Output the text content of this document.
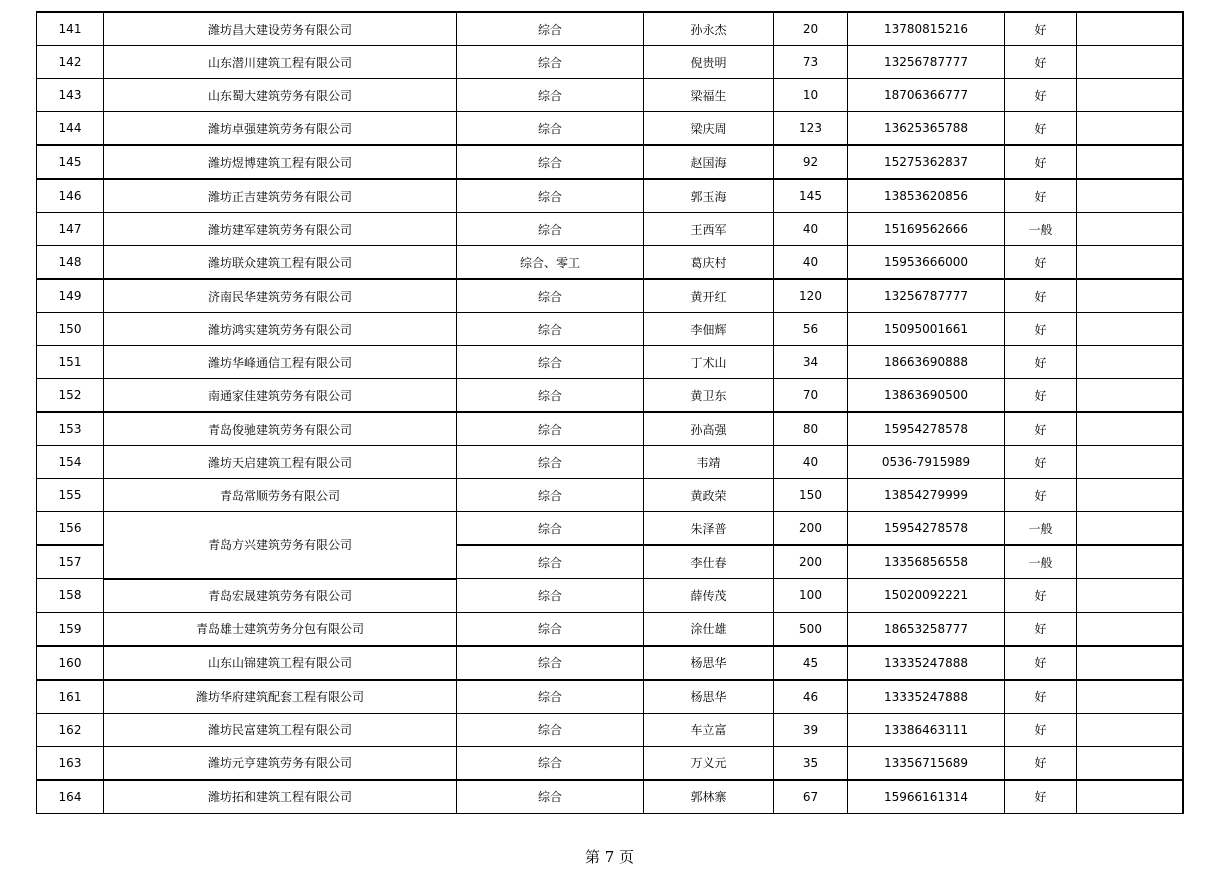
141	潍坊昌大建设劳务有限公司	综合	孙永杰	20	13780815216	好	
142	山东潜川建筑工程有限公司	综合	倪贵明	73	13256787777	好	
143	山东蜀大建筑劳务有限公司	综合	梁福生	10	18706366777	好	
144	潍坊卓强建筑劳务有限公司	综合	梁庆周	123	13625365788	好	
145	潍坊煜博建筑工程有限公司	综合	赵国海	92	15275362837	好	
146	潍坊正吉建筑劳务有限公司	综合	郭玉海	145	13853620856	好	
147	潍坊建军建筑劳务有限公司	综合	王西军	40	15169562666	一般	
148	潍坊联众建筑工程有限公司	综合、零工	葛庆村	40	15953666000	好	
149	济南民华建筑劳务有限公司	综合	黄开红	120	13256787777	好	
150	潍坊鸿实建筑劳务有限公司	综合	李佃辉	56	15095001661	好	
151	潍坊华峰通信工程有限公司	综合	丁术山	34	18663690888	好	
152	南通家佳建筑劳务有限公司	综合	黄卫东	70	13863690500	好	
153	青岛俊驰建筑劳务有限公司	综合	孙高强	80	15954278578	好	
154	潍坊天启建筑工程有限公司	综合	韦靖	40	0536-7915989	好	
155	青岛常顺劳务有限公司	综合	黄政荣	150	13854279999	好	
156	青岛方兴建筑劳务有限公司	综合	朱泽普	200	15954278578	一般	
157		综合	李仕春	200	13356856558	一般	
158	青岛宏晟建筑劳务有限公司	综合	薛传茂	100	15020092221	好	
159	青岛雄士建筑劳务分包有限公司	综合	涂仕雄	500	18653258777	好	
160	山东山锦建筑工程有限公司	综合	杨思华	45	13335247888	好	
161	潍坊华府建筑配套工程有限公司	综合	杨思华	46	13335247888	好	
162	潍坊民富建筑工程有限公司	综合	车立富	39	13386463111	好	
163	潍坊元亨建筑劳务有限公司	综合	万义元	35	13356715689	好	
164	潍坊拓和建筑工程有限公司	综合	郭林寨	67	15966161314	好	
第 7 页
